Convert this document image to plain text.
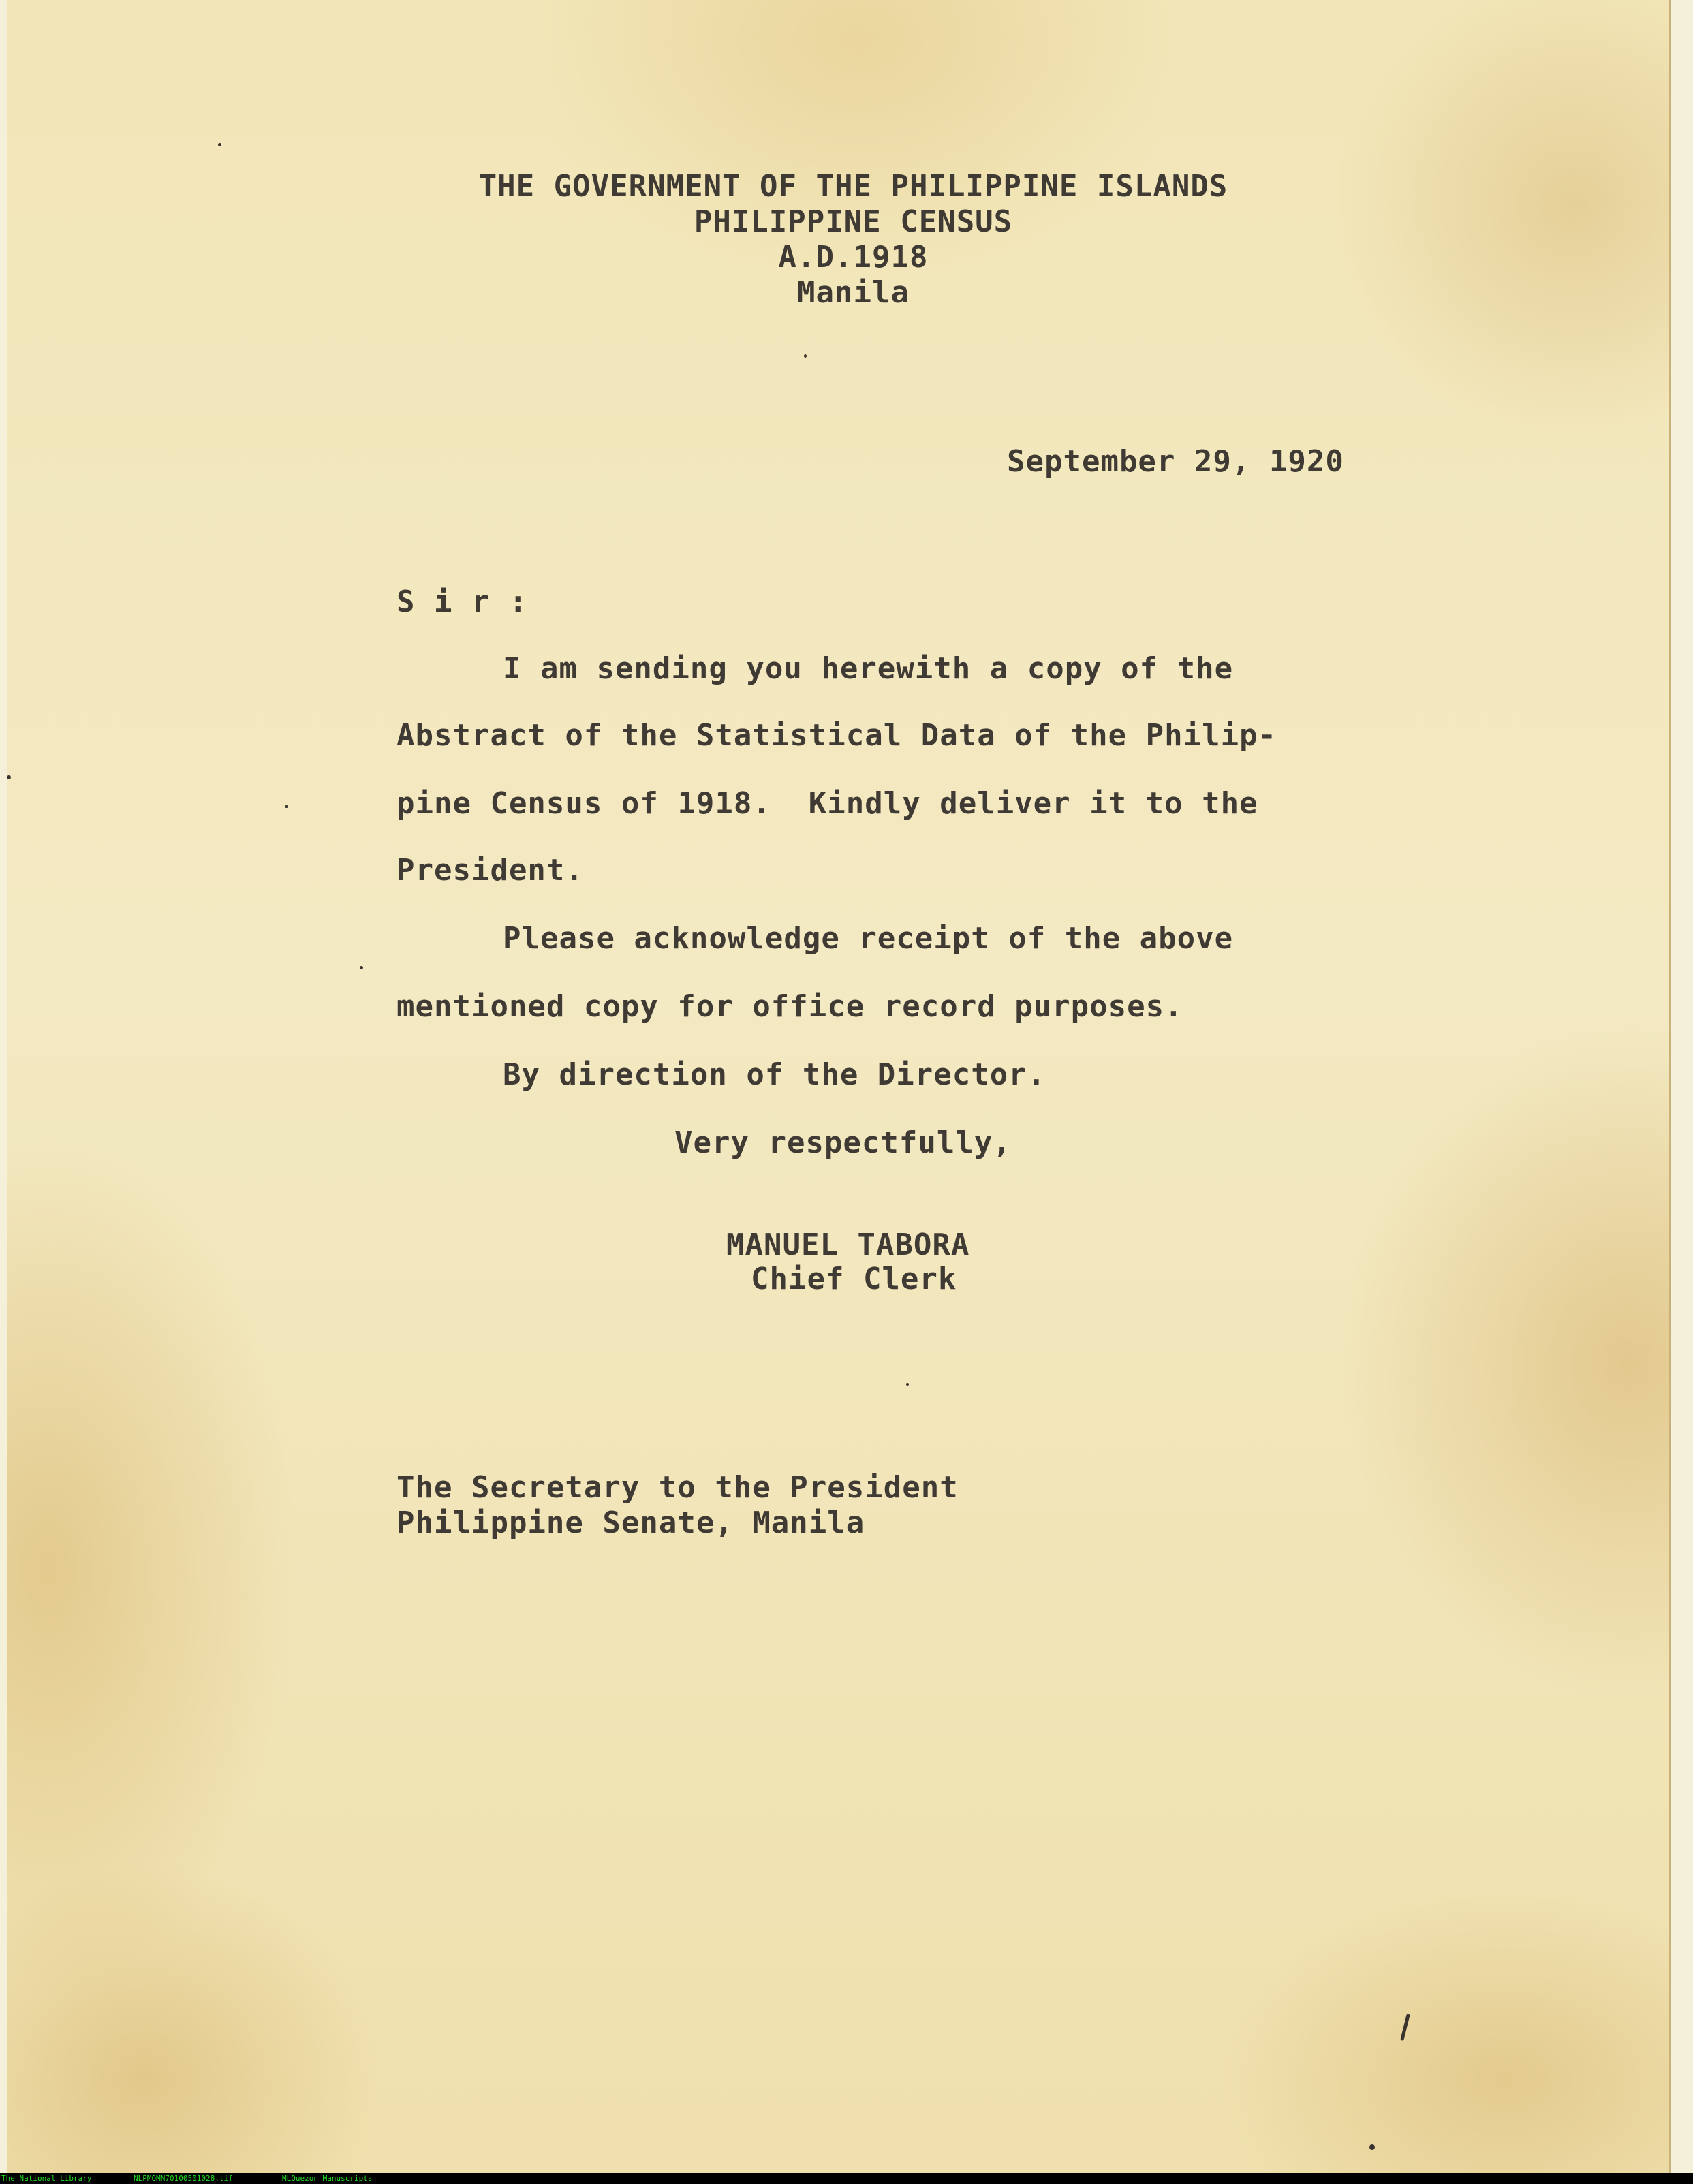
THE GOVERNMENT OF THE PHILIPPINE ISLANDS
PHILIPPINE CENSUS
A.D.1918
Manila
September 29, 1920
S i r :
I am sending you herewith a copy of the
Abstract of the Statistical Data of the Philip-
pine Census of 1918.  Kindly deliver it to the
President.
Please acknowledge receipt of the above
mentioned copy for office record purposes.
By direction of the Director.
Very respectfully,
MANUEL TABORA
Chief Clerk
The Secretary to the President
Philippine Senate, Manila
The National Library	NLPMQMN70100501028.tif	MLQuezon Manuscripts
